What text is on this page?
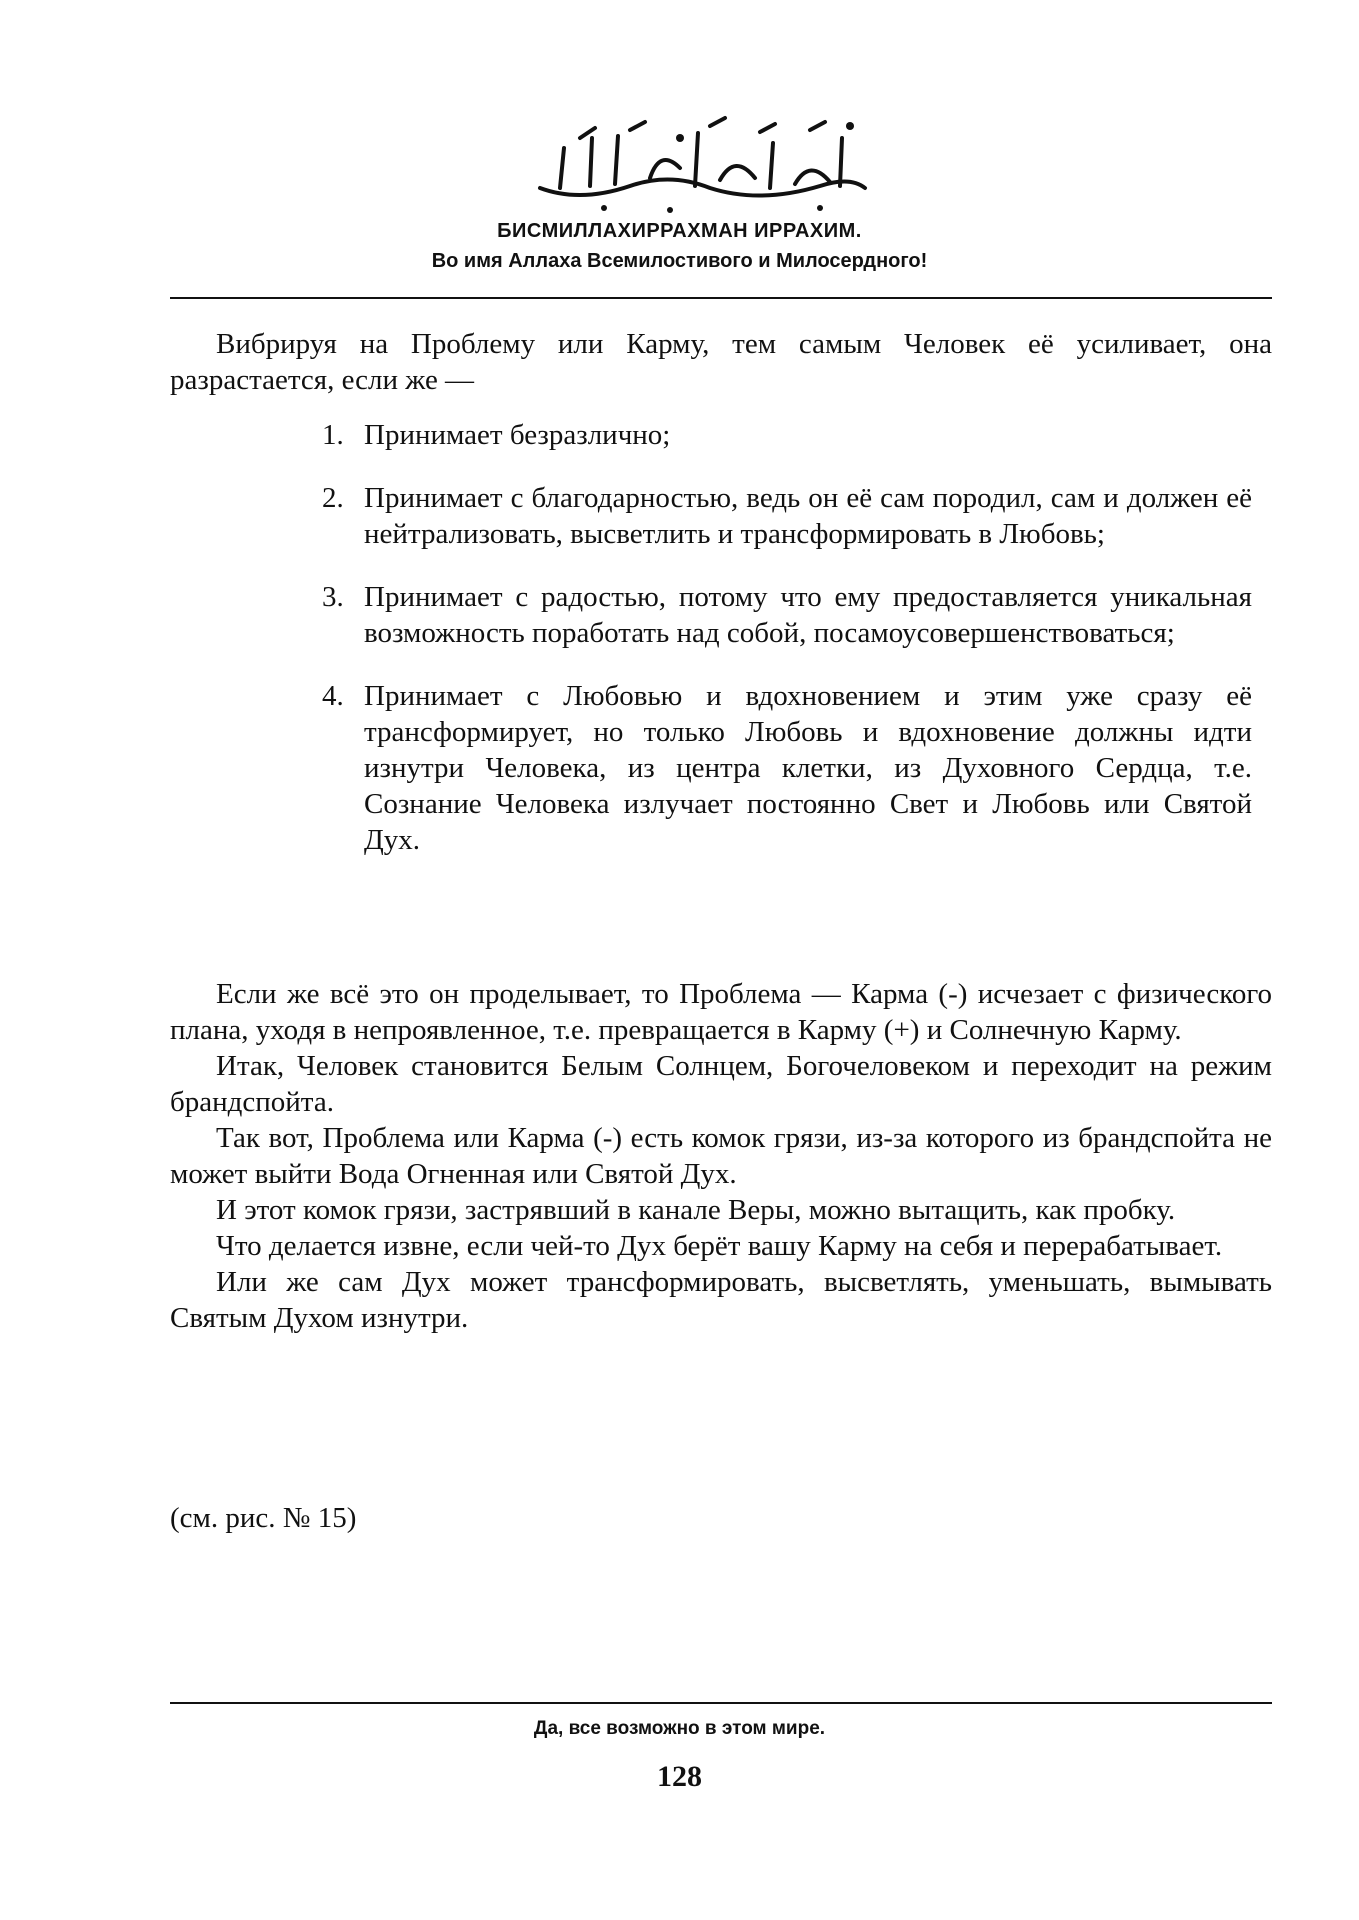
БИСМИЛЛАХИРРАХМАН ИРРАХИМ.
Во имя Аллаха Всемилостивого и Милосердного!
Вибрируя на Проблему или Карму, тем самым Человек её усиливает, она разрастается, если же —
1. Принимает безразлично;
2. Принимает с благодарностью, ведь он её сам породил, сам и должен её нейтрализовать, высветлить и трансформировать в Любовь;
3. Принимает с радостью, потому что ему предоставляется уникальная возможность поработать над собой, посамоусовершенствоваться;
4. Принимает с Любовью и вдохновением и этим уже сразу её трансформирует, но только Любовь и вдохновение должны идти изнутри Человека, из центра клетки, из Духовного Сердца, т.е. Сознание Человека излучает постоянно Свет и Любовь или Святой Дух.

Если же всё это он проделывает, то Проблема — Карма (-) исчезает с физического плана, уходя в непроявленное, т.е. превращается в Карму (+) и Солнечную Карму.

Итак, Человек становится Белым Солнцем, Богочеловеком и переходит на режим брандспойта.

Так вот, Проблема или Карма (-) есть комок грязи, из-за которого из брандспойта не может выйти Вода Огненная или Святой Дух.

И этот комок грязи, застрявший в канале Веры, можно вытащить, как пробку.

Что делается извне, если чей-то Дух берёт вашу Карму на себя и перерабатывает.

Или же сам Дух может трансформировать, высветлять, уменьшать, вымывать Святым Духом изнутри.

(см. рис. № 15)
Да, все возможно в этом мире.
128
